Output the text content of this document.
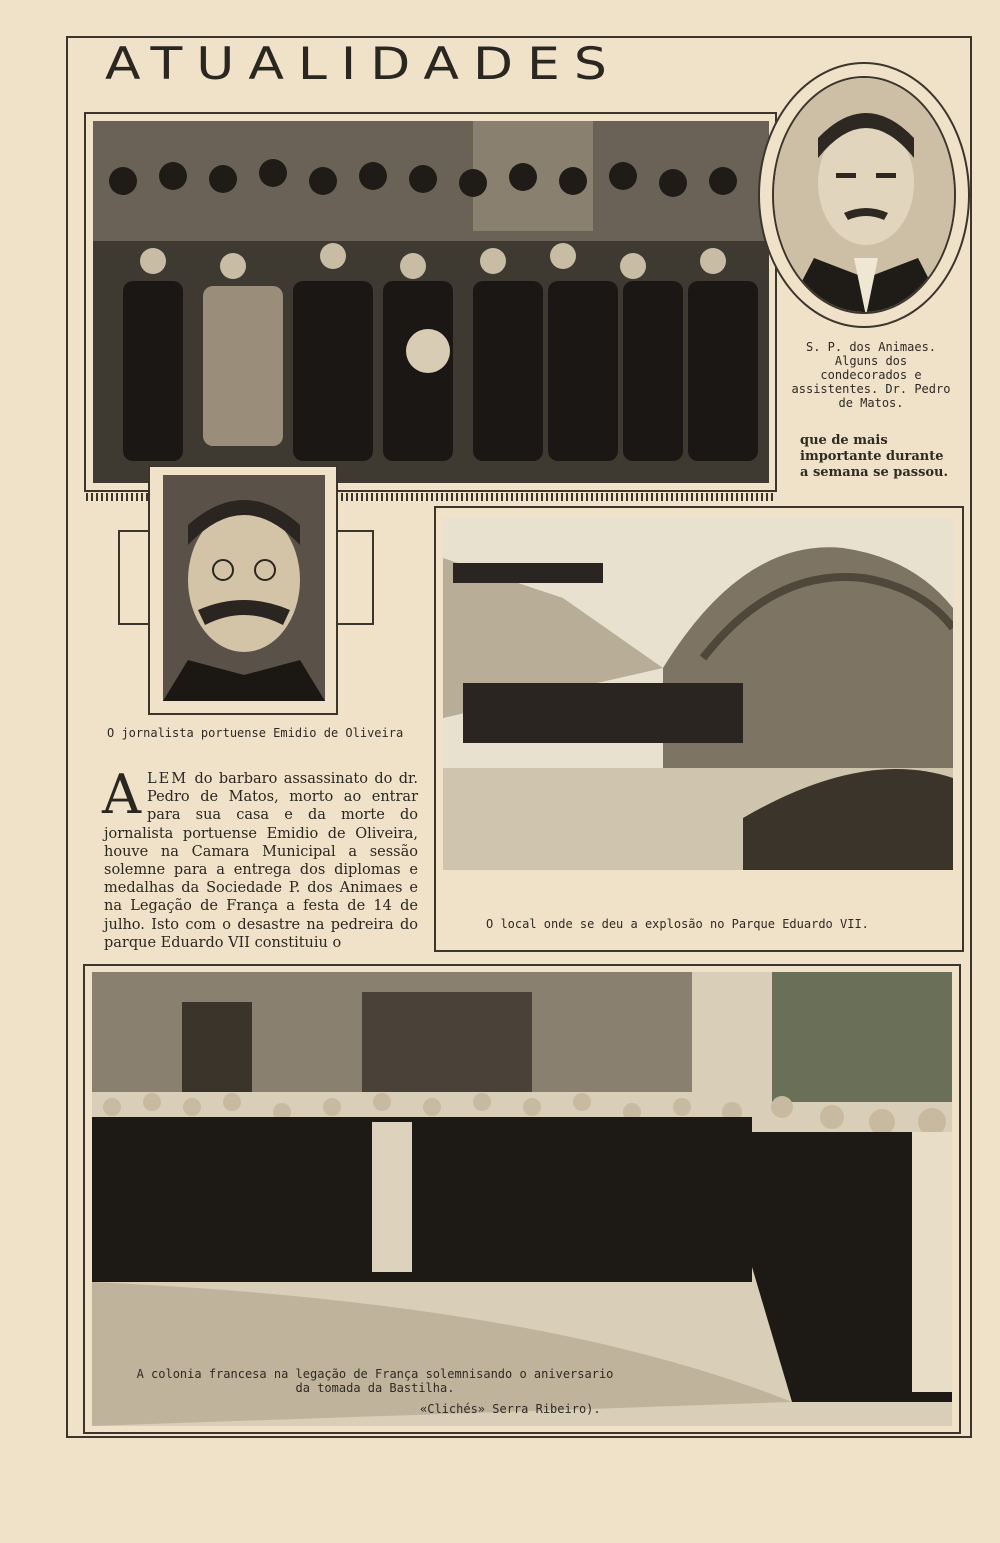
ATUALIDADES
S. P. dos Animaes. Alguns dos condecorados e assistentes. Dr. Pedro de Matos.
que de mais importante durante a semana se passou.
O jornalista portuense Emidio de Oliveira

ALEM do barbaro assassinato do dr. Pedro de Matos, morto ao entrar para sua casa e da morte do jornalista portuense Emidio de Oliveira, houve na Camara Municipal a sessão solemne para a entrega dos diplomas e medalhas da Sociedade P. dos Animaes e na Legação de França a festa de 14 de julho. Isto com o desastre na pedreira do parque Eduardo VII constituiu o

O local onde se deu a explosão no Parque Eduardo VII.
A colonia francesa na legação de França solemnisando o aniversario
da tomada da Bastilha.
«Clichés» Serra Ribeiro).
